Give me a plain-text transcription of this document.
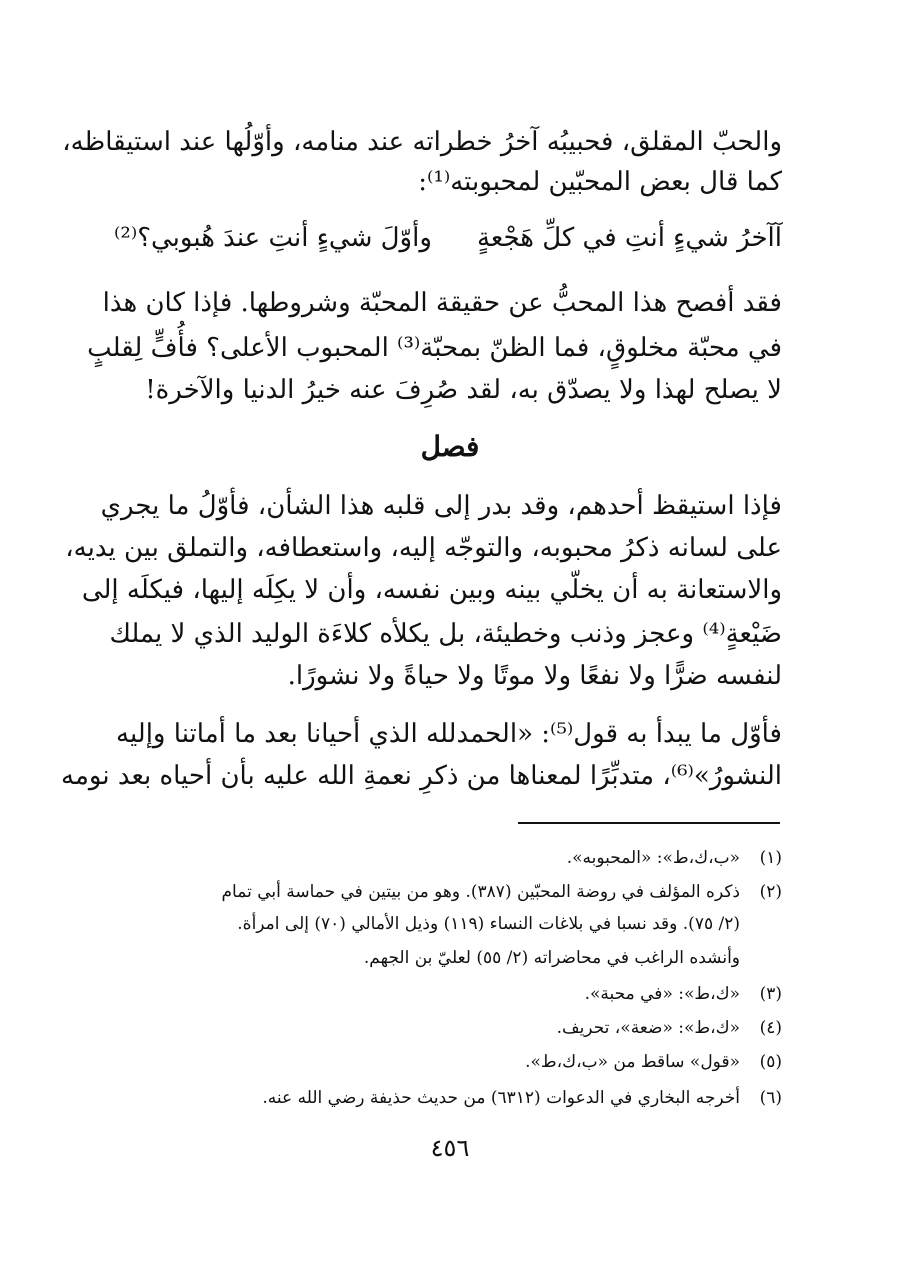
والحبّ المقلق، فحبيبُه آخرُ خطراته عند منامه، وأوّلُها عند استيقاظه،
كما قال بعض المحبّين لمحبوبته⁽¹⁾:
آآخرُ شيءٍ أنتِ في كلِّ هَجْعةٍ
وأوّلَ شيءٍ أنتِ عندَ هُبوبي؟⁽²⁾
فقد أفصح هذا المحبُّ عن حقيقة المحبّة وشروطها. فإذا كان هذا
في محبّة مخلوقٍ، فما الظنّ بمحبّة⁽³⁾ المحبوب الأعلى؟ فأُفٍّ لِقلبٍ
لا يصلح لهذا ولا يصدّق به، لقد صُرِفَ عنه خيرُ الدنيا والآخرة!
فصل
فإذا استيقظ أحدهم، وقد بدر إلى قلبه هذا الشأن، فأوّلُ ما يجري
على لسانه ذكرُ محبوبه، والتوجّه إليه، واستعطافه، والتملق بين يديه،
والاستعانة به أن يخلّي بينه وبين نفسه، وأن لا يكِلَه إليها، فيكلَه إلى
ضَيْعةٍ⁽⁴⁾ وعجز وذنب وخطيئة، بل يكلأه كلاءَة الوليد الذي لا يملك
لنفسه ضرًّا ولا نفعًا ولا موتًا ولا حياةً ولا نشورًا.
فأوّل ما يبدأ به قول⁽⁵⁾: «الحمدلله الذي أحيانا بعد ما أماتنا وإليه
النشورُ»⁽⁶⁾، متدبِّرًا لمعناها من ذكرِ نعمةِ الله عليه بأن أحياه بعد نومه
(١)
«ب،ك،ط»: «المحبوبه».
(٢)
ذكره المؤلف في روضة المحبّين (٣٨٧). وهو من بيتين في حماسة أبي تمام
(٢/ ٧٥). وقد نسبا في بلاغات النساء (١١٩) وذيل الأمالي (٧٠) إلى امرأة.
وأنشده الراغب في محاضراته (٢/ ٥٥) لعليّ بن الجهم.
(٣)
«ك،ط»: «في محبة».
(٤)
«ك،ط»: «ضعة»، تحريف.
(٥)
«قول» ساقط من «ب،ك،ط».
(٦)
أخرجه البخاري في الدعوات (٦٣١٢) من حديث حذيفة رضي الله عنه.
٤٥٦
